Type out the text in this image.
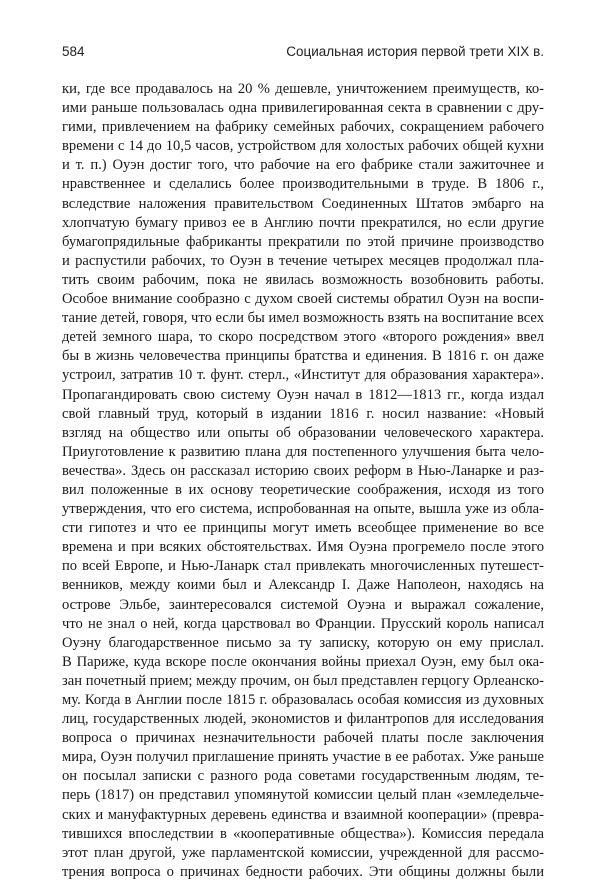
584	Социальная история первой трети XIX в.
ки, где все продавалось на 20 % дешевле, уничтожением преимуществ, ко-
ими раньше пользовалась одна привилегированная секта в сравнении с дру-
гими, привлечением на фабрику семейных рабочих, сокращением рабочего
времени с 14 до 10,5 часов, устройством для холостых рабочих общей кухни
и т. п.) Оуэн достиг того, что рабочие на его фабрике стали зажиточнее и
нравственнее и сделались более производительными в труде. В 1806 г.,
вследствие наложения правительством Соединенных Штатов эмбарго на
хлопчатую бумагу привоз ее в Англию почти прекратился, но если другие
бумагопрядильные фабриканты прекратили по этой причине производство
и распустили рабочих, то Оуэн в течение четырех месяцев продолжал пла-
тить своим рабочим, пока не явилась возможность возобновить работы.
Особое внимание сообразно с духом своей системы обратил Оуэн на воспи-
тание детей, говоря, что если бы имел возможность взять на воспитание всех
детей земного шара, то скоро посредством этого «второго рождения» ввел
бы в жизнь человечества принципы братства и единения. В 1816 г. он даже
устроил, затратив 10 т. фунт. стерл., «Институт для образования характера».
Пропагандировать свою систему Оуэн начал в 1812—1813 гг., когда издал
свой главный труд, который в издании 1816 г. носил название: «Новый
взгляд на общество или опыты об образовании человеческого характера.
Приуготовление к развитию плана для постепенного улучшения быта чело-
вечества». Здесь он рассказал историю своих реформ в Нью-Ланарке и раз-
вил положенные в их основу теоретические соображения, исходя из того
утверждения, что его система, испробованная на опыте, вышла уже из обла-
сти гипотез и что ее принципы могут иметь всеобщее применение во все
времена и при всяких обстоятельствах. Имя Оуэна прогремело после этого
по всей Европе, и Нью-Ланарк стал привлекать многочисленных путешест-
венников, между коими был и Александр I. Даже Наполеон, находясь на
острове Эльбе, заинтересовался системой Оуэна и выражал сожаление,
что не знал о ней, когда царствовал во Франции. Прусский король написал
Оуэну благодарственное письмо за ту записку, которую он ему прислал.
В Париже, куда вскоре после окончания войны приехал Оуэн, ему был ока-
зан почетный прием; между прочим, он был представлен герцогу Орлеанско-
му. Когда в Англии после 1815 г. образовалась особая комиссия из духовных
лиц, государственных людей, экономистов и филантропов для исследования
вопроса о причинах незначительности рабочей платы после заключения
мира, Оуэн получил приглашение принять участие в ее работах. Уже раньше
он посылал записки с разного рода советами государственным людям, те-
перь (1817) он представил упомянутой комиссии целый план «земледельче-
ских и мануфактурных деревень единства и взаимной кооперации» (превра-
тившихся впоследствии в «кооперативные общества»). Комиссия передала
этот план другой, уже парламентской комиссии, учрежденной для рассмо-
трения вопроса о причинах бедности рабочих. Эти общины должны были
